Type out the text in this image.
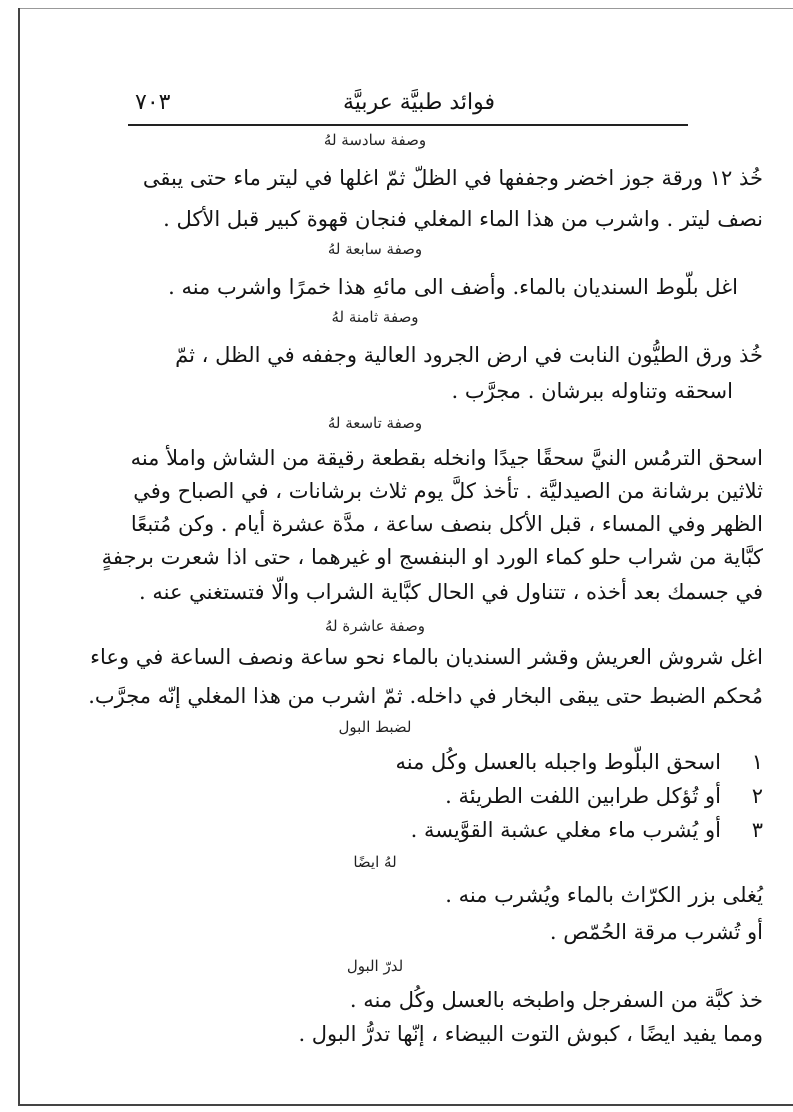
فوائد طبيَّة عربيَّة
٧٠٣
وصفة سادسة لهُ
خُذ ١٢ ورقة جوز اخضر وجففها في الظلّ ثمّ اغلها في ليتر ماء حتى يبقى
نصف ليتر . واشرب من هذا الماء المغلي فنجان قهوة كبير قبل الأكل .
وصفة سابعة لهُ
اغل بلّوط السنديان بالماء. وأضف الى مائهِ هذا خمرًا واشرب منه .
وصفة ثامنة لهُ
خُذ ورق الطيُّون النابت في ارض الجرود العالية وجففه في الظل ، ثمّ
اسحقه وتناوله ببرشان . مجرَّب .
وصفة تاسعة لهُ
اسحق الترمُس النيَّ سحقًا جيدًا وانخله بقطعة رقيقة من الشاش واملأ منه
ثلاثين برشانة من الصيدليَّة . تأخذ كلَّ يوم ثلاث برشانات ، في الصباح وفي
الظهر وفي المساء ، قبل الأكل بنصف ساعة ، مدَّة عشرة أيام . وكن مُتبعًا
كبَّاية من شراب حلو كماء الورد او البنفسج او غيرهما ، حتى اذا شعرت برجفةٍ
في جسمك بعد أخذه ، تتناول في الحال كبَّاية الشراب والّا فتستغني عنه .
وصفة عاشرة لهُ
اغل شروش العريش وقشر السنديان بالماء نحو ساعة ونصف الساعة في وعاء
مُحكم الضبط حتى يبقى البخار في داخله. ثمّ اشرب من هذا المغلي إنّه مجرَّب.
لضبط البول
١
اسحق البلّوط واجبله بالعسل وكُل منه
٢
أو تُؤكل طرابين اللفت الطريئة .
٣
أو يُشرب ماء مغلي عشبة القوَّيسة .
لهُ ايضًا
يُغلى بزر الكرّاث بالماء ويُشرب منه .
أو تُشرب مرقة الحُمّص .
لدرّ البول
خذ كبَّة من السفرجل واطبخه بالعسل وكُل منه .
ومما يفيد ايضًا ، كبوش التوت البيضاء ، إنّها تدرُّ البول .
